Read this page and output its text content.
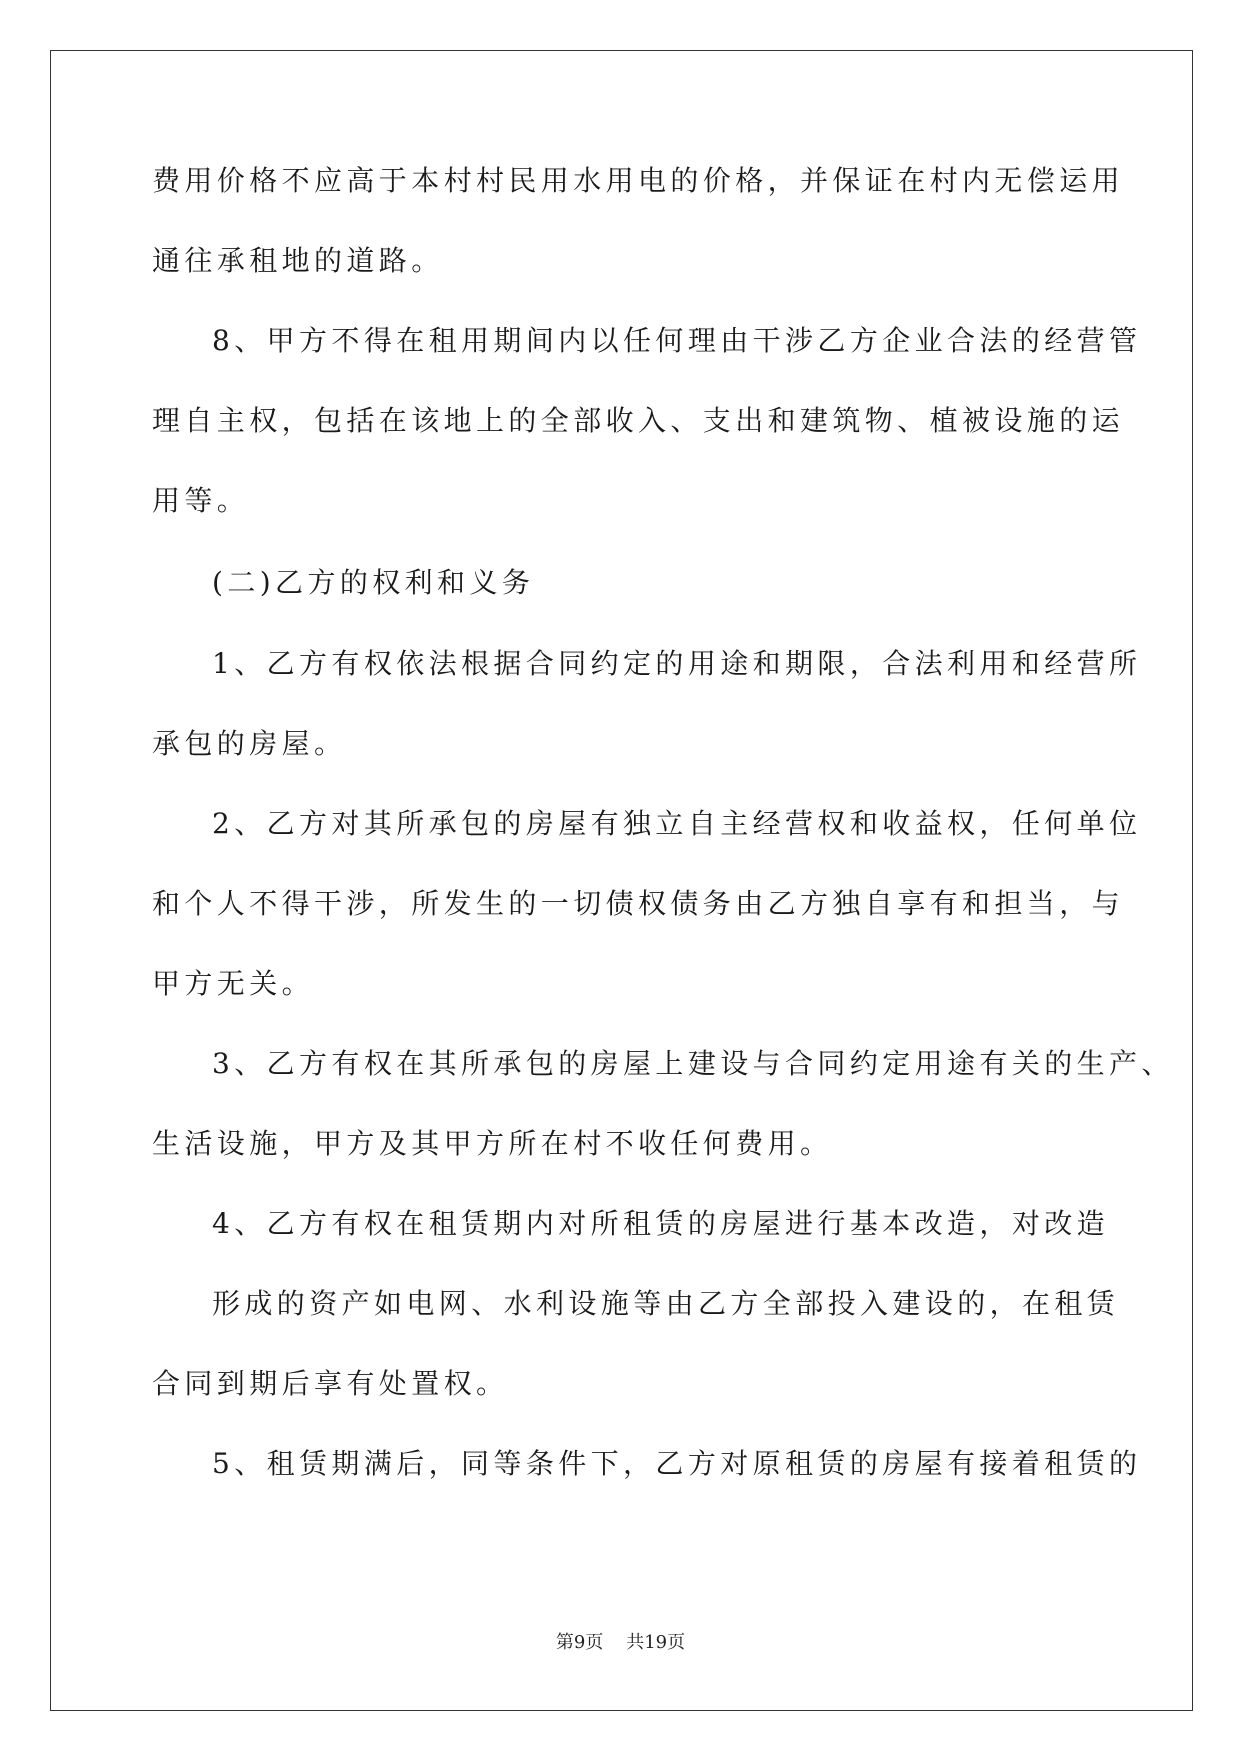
费用价格不应高于本村村民用水用电的价格，并保证在村内无偿运用
通往承租地的道路。
8、甲方不得在租用期间内以任何理由干涉乙方企业合法的经营管
理自主权，包括在该地上的全部收入、支出和建筑物、植被设施的运
用等。
(二)乙方的权利和义务
1、乙方有权依法根据合同约定的用途和期限，合法利用和经营所
承包的房屋。
2、乙方对其所承包的房屋有独立自主经营权和收益权，任何单位
和个人不得干涉，所发生的一切债权债务由乙方独自享有和担当，与
甲方无关。
3、乙方有权在其所承包的房屋上建设与合同约定用途有关的生产、
生活设施，甲方及其甲方所在村不收任何费用。
4、乙方有权在租赁期内对所租赁的房屋进行基本改造，对改造
形成的资产如电网、水利设施等由乙方全部投入建设的，在租赁
合同到期后享有处置权。
5、租赁期满后，同等条件下，乙方对原租赁的房屋有接着租赁的
第9页 共19页
